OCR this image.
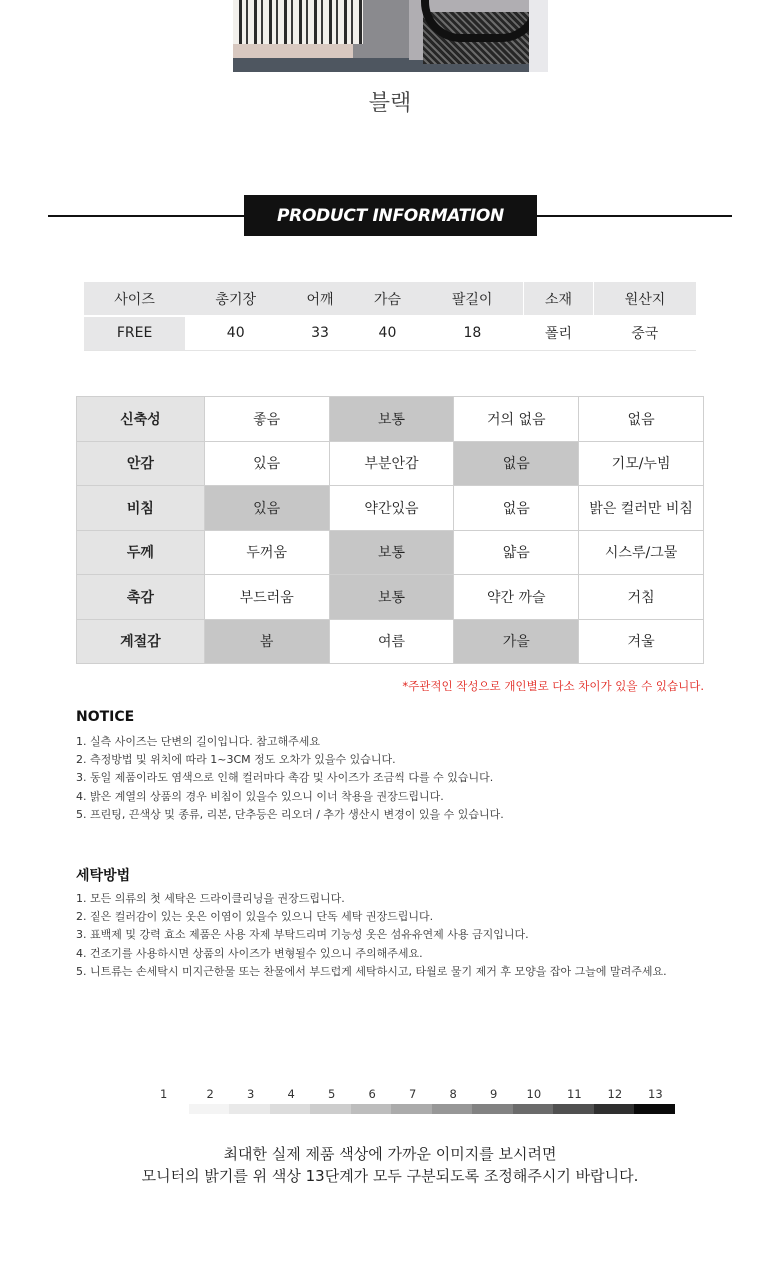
블랙
PRODUCT INFORMATION
사이즈	총기장	어깨	가슴	팔길이	소재	원산지
FREE	40	33	40	18	폴리	중국
신축성	좋음	보통	거의 없음	없음
안감	있음	부분안감	없음	기모/누빔
비침	있음	약간있음	없음	밝은 컬러만 비침
두께	두꺼움	보통	얇음	시스루/그물
촉감	부드러움	보통	약간 까슬	거침
계절감	봄	여름	가을	겨울
*주관적인 작성으로 개인별로 다소 차이가 있을 수 있습니다.
NOTICE
1. 실측 사이즈는 단변의 길이입니다. 참고해주세요
2. 측정방법 및 위치에 따라 1~3CM 정도 오차가 있을수 있습니다.
3. 동일 제품이라도 염색으로 인해 컬러마다 촉감 및 사이즈가 조금씩 다를 수 있습니다.
4. 밝은 계열의 상품의 경우 비침이 있을수 있으니 이너 착용을 권장드립니다.
5. 프린팅, 끈색상 및 종류, 리본, 단추등은 리오더 / 추가 생산시 변경이 있을 수 있습니다.
세탁방법
1. 모든 의류의 첫 세탁은 드라이클리닝을 권장드립니다.
2. 짙은 컬러감이 있는 옷은 이염이 있을수 있으니 단독 세탁 권장드립니다.
3. 표백제 및 강력 효소 제품은 사용 자제 부탁드리며 기능성 옷은 섬유유연제 사용 금지입니다.
4. 건조기를 사용하시면 상품의 사이즈가 변형될수 있으니 주의해주세요.
5. 니트류는 손세탁시 미지근한물 또는 찬물에서 부드럽게 세탁하시고, 타월로 물기 제거 후 모양을 잡아 그늘에 말려주세요.
1	2	3	4	5	6	7	8	9	10 11 12 13
최대한 실제 제품 색상에 가까운 이미지를 보시려면
모니터의 밝기를 위 색상 13단계가 모두 구분되도록 조정해주시기 바랍니다.
